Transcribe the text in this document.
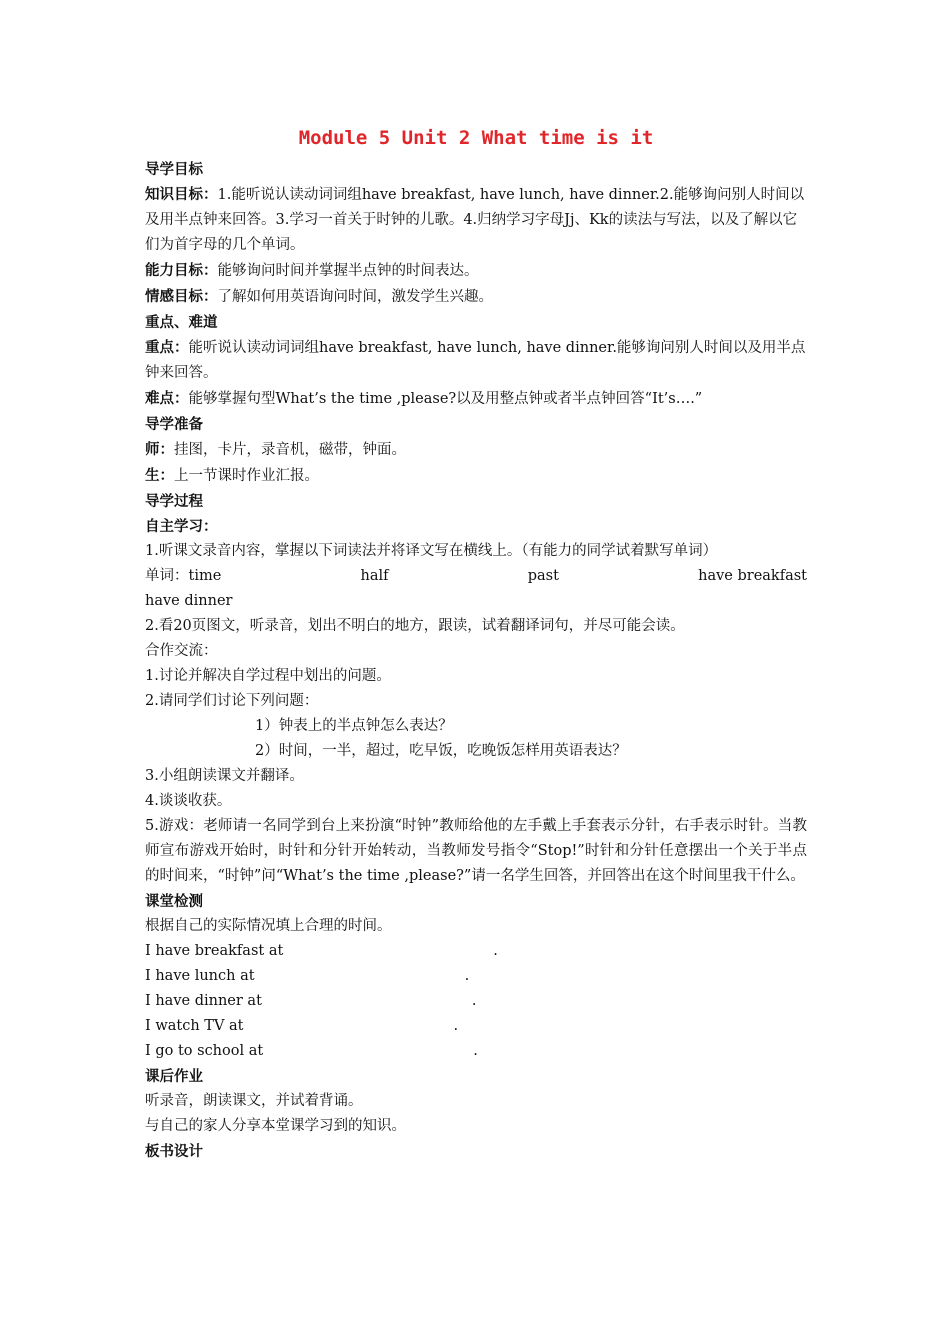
Module 5 Unit 2 What time is it

导学目标

知识目标：1.能听说认读动词词组have breakfast, have lunch, have dinner.2.能够询问别人时间以及用半点钟来回答。3.学习一首关于时钟的儿歌。4.归纳学习字母Jj、Kk的读法与写法，以及了解以它们为首字母的几个单词。

能力目标：能够询问时间并掌握半点钟的时间表达。

情感目标：了解如何用英语询问时间，激发学生兴趣。

重点、难道

重点：能听说认读动词词组have breakfast, have lunch, have dinner.能够询问别人时间以及用半点钟来回答。

难点：能够掌握句型What’s the time ,please?以及用整点钟或者半点钟回答“It’s….”

导学准备

师：挂图，卡片，录音机，磁带，钟面。

生：上一节课时作业汇报。

导学过程

自主学习：

1.听课文录音内容，掌握以下词读法并将译文写在横线上。（有能力的同学试着默写单词）

单词：time	half	past	have breakfast

have dinner

2.看20页图文，听录音，划出不明白的地方，跟读，试着翻译词句，并尽可能会读。

合作交流：

1.讨论并解决自学过程中划出的问题。

2.请同学们讨论下列问题：

1）钟表上的半点钟怎么表达？

2）时间，一半，超过，吃早饭，吃晚饭怎样用英语表达？

3.小组朗读课文并翻译。

4.谈谈收获。

5.游戏：老师请一名同学到台上来扮演“时钟”教师给他的左手戴上手套表示分针，右手表示时针。当教师宣布游戏开始时，时针和分针开始转动，当教师发号指令“Stop!”时针和分针任意摆出一个关于半点的时间来，“时钟”问“What’s the time ,please?”请一名学生回答，并回答出在这个时间里我干什么。

课堂检测

根据自己的实际情况填上合理的时间。

I have breakfast at	.
I have lunch at	.
I have dinner at	.
I watch TV at	.
I go to school at	.

课后作业

听录音，朗读课文，并试着背诵。

与自己的家人分享本堂课学习到的知识。

板书设计
